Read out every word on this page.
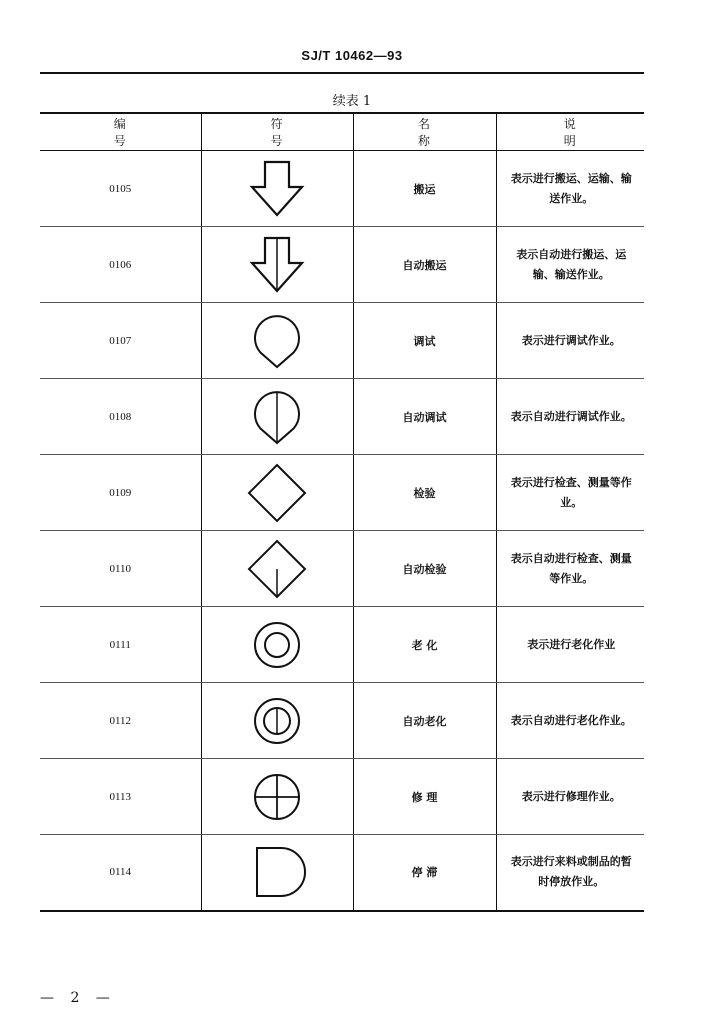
SJ/T 10462—93
续表 1
编 号	符 号	名 称	说 明
0105		搬运	表示进行搬运、运输、输送作业。
0106		自动搬运	表示自动进行搬运、运输、输送作业。
0107		调试	表示进行调试作业。
0108		自动调试	表示自动进行调试作业。
0109		检验	表示进行检查、测量等作业。
0110		自动检验	表示自动进行检查、测量等作业。
0111		老 化	表示进行老化作业
0112		自动老化	表示自动进行老化作业。
0113		修 理	表示进行修理作业。
0114		停 滞	表示进行来料或制品的暂时停放作业。
— 2 —
